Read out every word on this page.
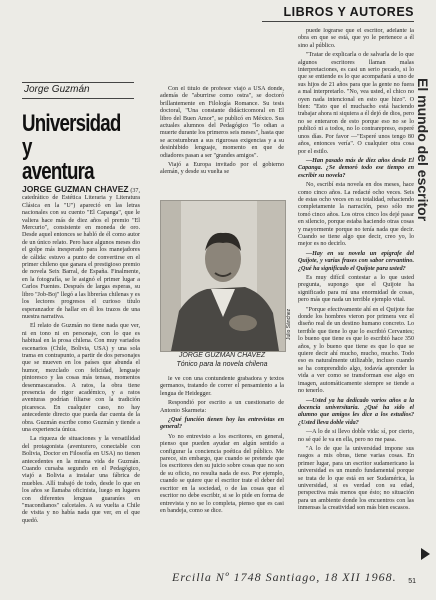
LIBROS Y AUTORES
El mundo del escritor
Jorge Guzmán
Universidad
y
aventura

JORGE GUZMAN CHAVEZ (37, catedrático de Estética Literaria y Literatura Clásica en la "U") apareció en las letras nacionales con su cuento "El Capanga", que le valiera hace más de diez años el premio "El Mercurio", consistente en moneda de oro. Desde aquel entonces se habló de él como autor de un único relato. Pero hace algunos meses dio el golpe más inesperado para los manejadores de cálida: estuvo a punto de convertirse en el primer chileno que ganara el prestigioso premio de novela Seix Barral, de España. Finalmente, en la fotografía, se le asignó el primer lugar a Carlos Fuentes. Después de largas esperas, su libro "Job-Boj" llegó a las librerías chilenas y es los lectores progresos el curioso título esperanzador de hallar en él los trazos de una nuestra narrativa.

El relato de Guzmán no tiene nada que ver, ni en tono ni en personaje, con lo que es habitual en la prosa chilena. Con muy variados escenarios (Chile, Bolivia, USA) y una sola trama en contrapunto, a partir de dos personajes que se mueven en los países que abunda el humor, mezclado con felicidad, lenguaje pintoresco y las cosas más tensas, momentos desenmascarados. A ratos, la obra tiene presencia de rigor académico, y a ratos aventuras podrían filiarse con la tradición picaresca. En cualquier caso, no hay antecedente directo que pueda dar cuenta de la obra. Guzmán escribe como Guzmán y tiende a una experiencia única.

La riqueza de situaciones y la versatilidad del protagonista (aventurero, conectable con Bolivia, Doctor en Filosofía en USA) no tienen antecedentes en la misma vida de Guzmán. Cuando cursaba segundo en el Pedagógico, viajó a Bolivia a instalar una fábrica de muebles. Allí trabajó de todo, desde lo que en los años se llamaba oficinista, luego en lugares con diferentes lenguas guaraníes en "macondianos" calcetales. A su vuelta a Chile de visita y no había nada que ver, en el que quedó.

Con el título de profesor viajó a USA donde, además de "aburrirse como ostra", se doctoró brillantemente en Filología Romance. Su tesis doctoral, "Una constante didácticomoral en El libro del Buen Amor", se publicó en México. Sus actuales alumnos del Pedagógico "lo odian a muerte durante los primeros seis meses", hasta que se acostumbran a sus rigurosas exigencias y a su desinhibido lenguaje, momento en que de odiadores pasan a ser "grandes amigos".

Viajó a Europa invitado por el gobierno alemán, y desde su vuelta se

Julio Sánchez
JORGE GUZMAN CHAVEZ
Tónico para la novela chilena

le ve con una contundente grabadora y textos germanos, tratando de correr el pensamiento a la lengua de Heidegger.

Respondió por escrito a un cuestionario de Antonio Skarmeta:

¿Qué función tienen hoy las entrevistas en general?

Yo no entrevisto a los escritores, en general, pienso que pueden ayudar en algún sentido a configurar la conciencia poética del público. Me parece, sin embargo, que cuando se pretende que los escritores den su juicio sobre cosas que no son de su oficio, no resulta nada de eso. Por ejemplo, cuando se quiere que el escritor trate el deber del escritor en la sociedad, o de las cosas que el escritor no debe escribir, si se lo pide en forma de entrevista y no se lo completa, pienso que es casi en bandeja, como se dice.

puede lograrse que el escritor, adelante la obra en que se está, que yo le pertenece a él sino al público.

"Tratar de explicarla o de salvarla de lo que algunos escritores llaman malas interpretaciones, es casi un serio pecado, si lo que se entiende es lo que acompañará a uno de sus hijos de 21 años para que la gente no fuera a mal interpretarlo. "No, vea usted, el chico no oyen nada intencional en esto que hizo". O bien: "Esto que el muchacho está haciendo trabajar ahora ni siquiera a él dejó de dios, pero no se enteraron de esto porque eso no se lo publicó ni a todos, no lo contrarepreso, esperé unos días. Por favor —"Esperé unos tengo 80 años, entonces vería". O cualquier otra cosa por el estilo.

—Han pasado más de diez años desde El Capanga. ¿Se demoró todo ese tiempo en escribir su novela?

No, escribí esta novela en dos meses, hace como cinco años. La redacté ocho veces. Seis de estas ocho veces en su totalidad, rehaciendo completamente la narración, peso sólo me tomó cinco años. Los otros cinco los dejé pasar en silencio, porque estaba haciendo otras cosas y mayormente porque no tenía nada que decir. Cuando se tiene algo que decir, creo yo, lo mejor es no decirlo.

—Hay en su novela un epígrafe del Quijote, y varias frases con sabor cervantino. ¿Qué ha significado el Quijote para usted?

Es muy difícil contestar a lo que usted pregunta, supongo que el Quijote ha significado para mí una enormidad de cosas, pero más que nada un terrible ejemplo vital.

"Porque efectivamente ahí en el Quijote fue donde los hombres vieron por primera vez el diseño real de un destino humano concreto. Lo terrible que tiene lo que lo escribió Cervantes; lo bueno que tiene es que lo escribió hace 350 años, y lo bueno que tiene es que lo que se quiere decir ahí mucho, mucho, mucho. Todo eso es naturalmente utilizable, incluso cuando se ha comprendido algo, todavía aprender la vida a ver como se transforman ese algo en imagen, automáticamente siempre se tiende a no tenerlo.

—Usted ya ha dedicado varios años a la docencia universitaria. ¿Qué ha sido el alumno que amigos les dice a los estudios? ¿Usted lleva doble vida?

—A lo de si llevo doble vida: sí, por cierto, no sé qué le va en ella, pero no me pasa.

"A lo de que la universidad impone sus rasgos a mis obras, tiene varias cosas. En primer lugar, para un escritor sudamericano la universidad es un mundo fundamental porque se trata de lo que está en ser Sudamérica, la universidad, si es verdad con su edad, perspectiva más menos que ésto; no situación para un ambiente donde los encuentros con las inmensas la creatividad son más bien escasos.

51
Ercilla Nº 1748 Santiago, 18 XII 1968.
